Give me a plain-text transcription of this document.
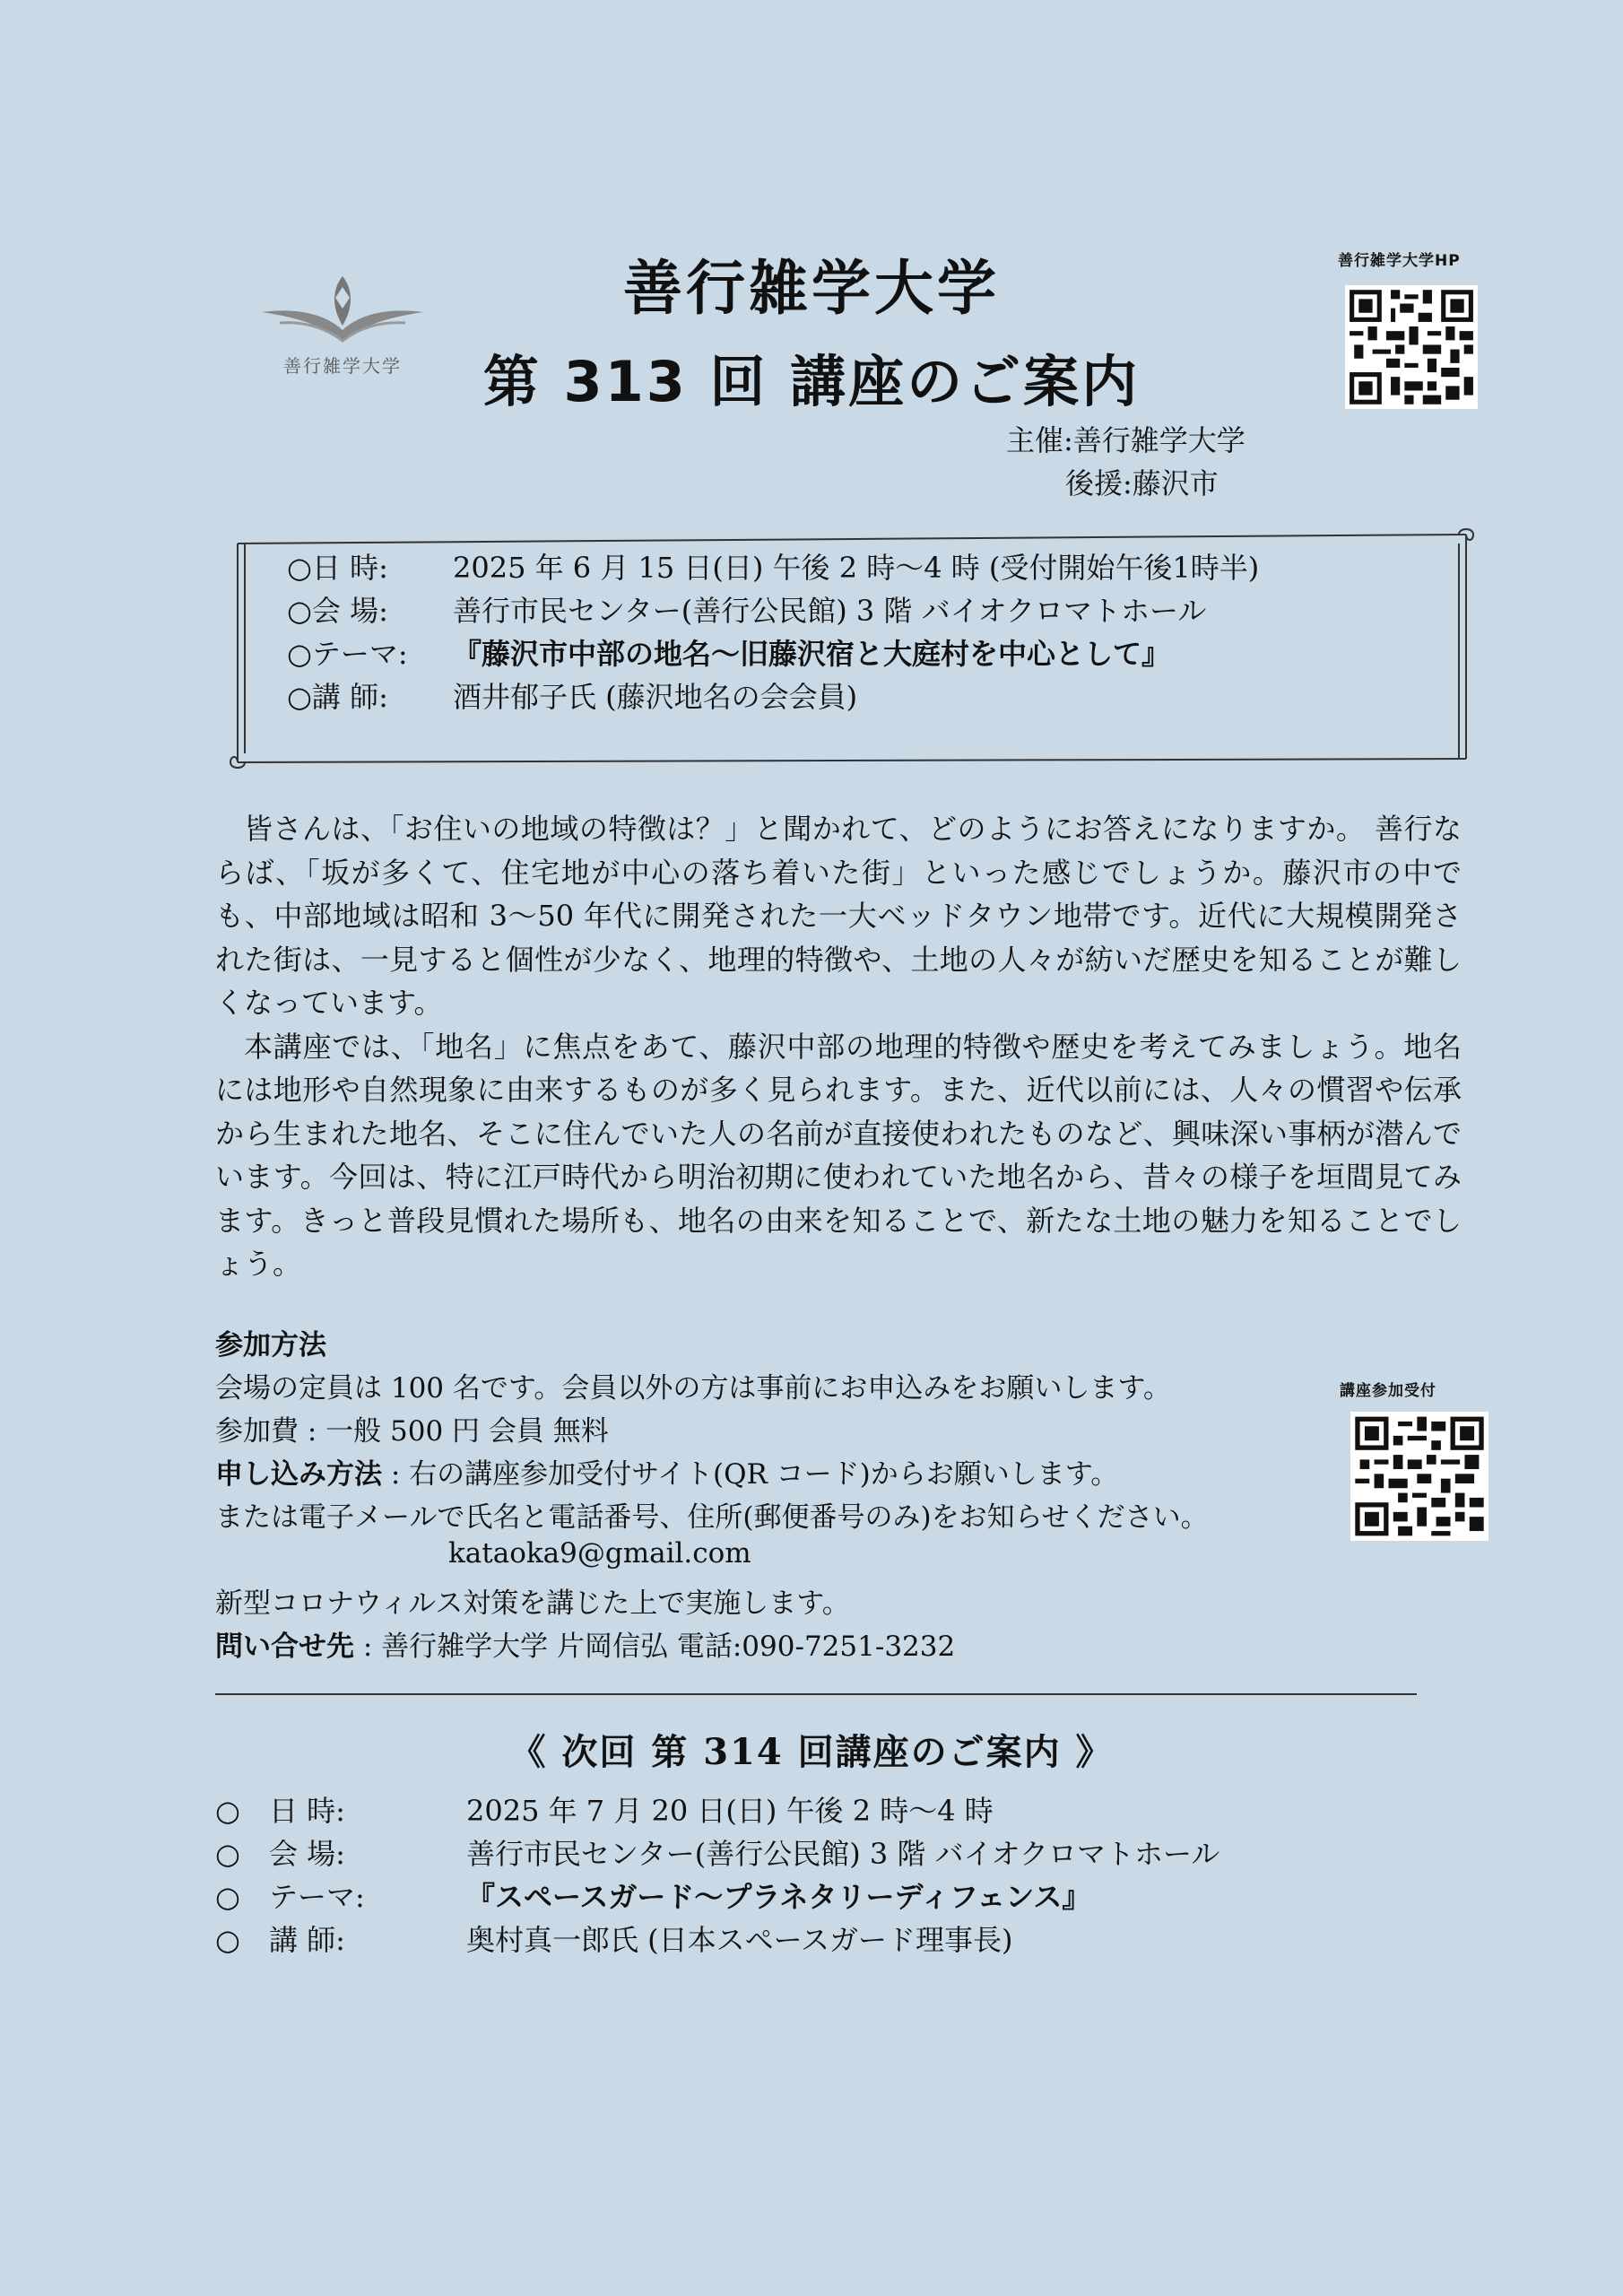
善行雑学大学
善行雑学大学
第 313 回 講座のご案内
善行雑学大学HP
主催:善行雑学大学
後援:藤沢市
○日 時: 2025 年 6 月 15 日(日) 午後 2 時～4 時 (受付開始午後1時半)
○会 場: 善行市民センター(善行公民館) 3 階 バイオクロマトホール
○テーマ: 『藤沢市中部の地名～旧藤沢宿と大庭村を中心として』
○講 師: 酒井郁子氏 (藤沢地名の会会員)

皆さんは、「お住いの地域の特徴は？」と聞かれて、どのようにお答えになりますか。 善行ならば、「坂が多くて、住宅地が中心の落ち着いた街」といった感じでしょうか。藤沢市の中でも、中部地域は昭和 3～50 年代に開発された一大ベッドタウン地帯です。近代に大規模開発された街は、一見すると個性が少なく、地理的特徴や、土地の人々が紡いだ歴史を知ることが難しくなっています。

本講座では、「地名」に焦点をあて、藤沢中部の地理的特徴や歴史を考えてみましょう。地名には地形や自然現象に由来するものが多く見られます。また、近代以前には、人々の慣習や伝承から生まれた地名、そこに住んでいた人の名前が直接使われたものなど、興味深い事柄が潜んでいます。今回は、特に江戸時代から明治初期に使われていた地名から、昔々の様子を垣間見てみます。きっと普段見慣れた場所も、地名の由来を知ることで、新たな土地の魅力を知ることでしょう。

参加方法
会場の定員は 100 名です。会員以外の方は事前にお申込みをお願いします。
参加費 : 一般 500 円 会員 無料
申し込み方法 : 右の講座参加受付サイト(QR コード)からお願いします。
または電子メールで氏名と電話番号、住所(郵便番号のみ)をお知らせください。
kataoka9@gmail.com
新型コロナウィルス対策を講じた上で実施します。
問い合せ先 : 善行雑学大学 片岡信弘 電話:090-7251-3232
講座参加受付
《 次回 第 314 回講座のご案内 》
○ 日 時:	2025 年 7 月 20 日(日) 午後 2 時～4 時
○ 会 場:	善行市民センター(善行公民館) 3 階 バイオクロマトホール
○ テーマ:	『スペースガード～プラネタリーディフェンス』
○ 講 師:	奥村真一郎氏 (日本スペースガード理事長)
